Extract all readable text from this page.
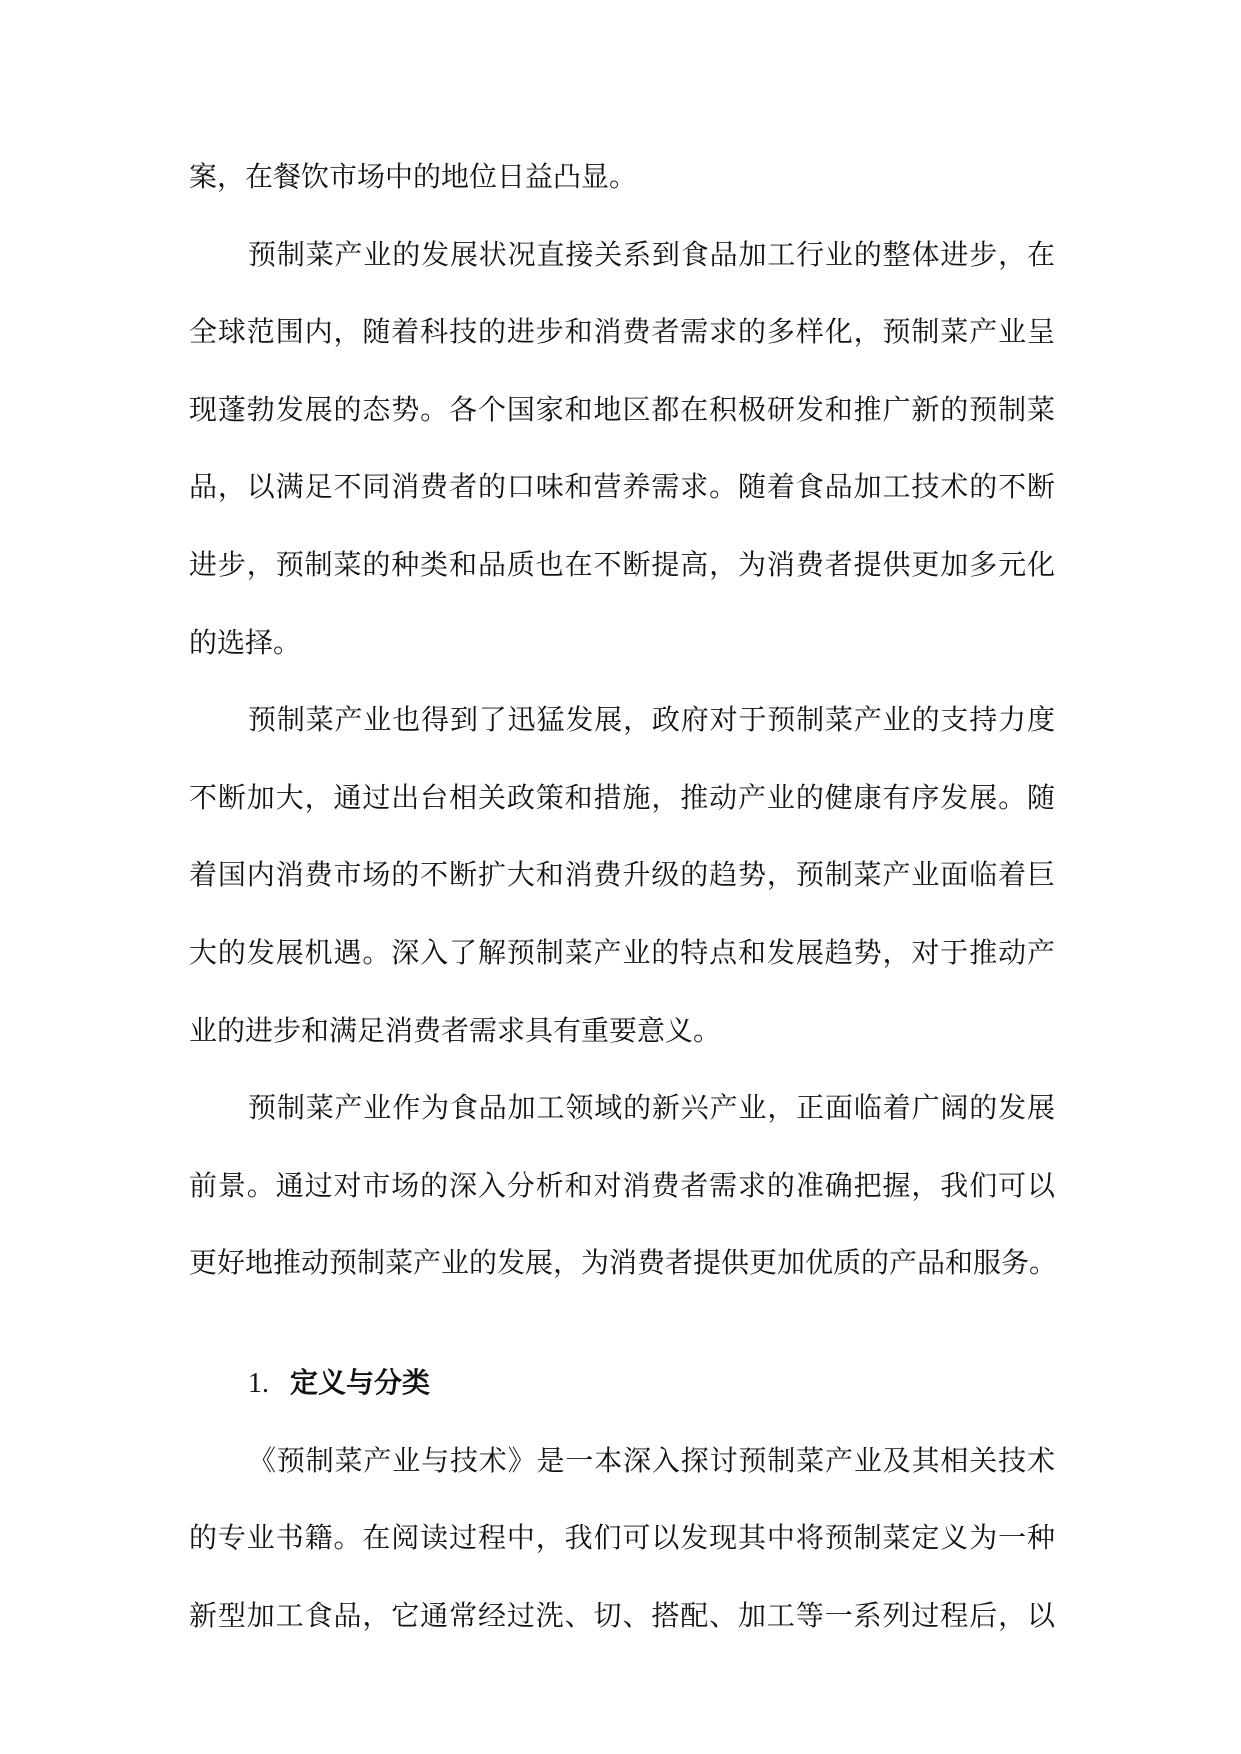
案，在餐饮市场中的地位日益凸显。
预制菜产业的发展状况直接关系到食品加工行业的整体进步，在
全球范围内，随着科技的进步和消费者需求的多样化，预制菜产业呈
现蓬勃发展的态势。各个国家和地区都在积极研发和推广新的预制菜
品，以满足不同消费者的口味和营养需求。随着食品加工技术的不断
进步，预制菜的种类和品质也在不断提高，为消费者提供更加多元化
的选择。
预制菜产业也得到了迅猛发展，政府对于预制菜产业的支持力度
不断加大，通过出台相关政策和措施，推动产业的健康有序发展。随
着国内消费市场的不断扩大和消费升级的趋势，预制菜产业面临着巨
大的发展机遇。深入了解预制菜产业的特点和发展趋势，对于推动产
业的进步和满足消费者需求具有重要意义。
预制菜产业作为食品加工领域的新兴产业，正面临着广阔的发展
前景。通过对市场的深入分析和对消费者需求的准确把握，我们可以
更好地推动预制菜产业的发展，为消费者提供更加优质的产品和服务。
1. 定义与分类
《预制菜产业与技术》是一本深入探讨预制菜产业及其相关技术
的专业书籍。在阅读过程中，我们可以发现其中将预制菜定义为一种
新型加工食品，它通常经过洗、切、搭配、加工等一系列过程后，以
